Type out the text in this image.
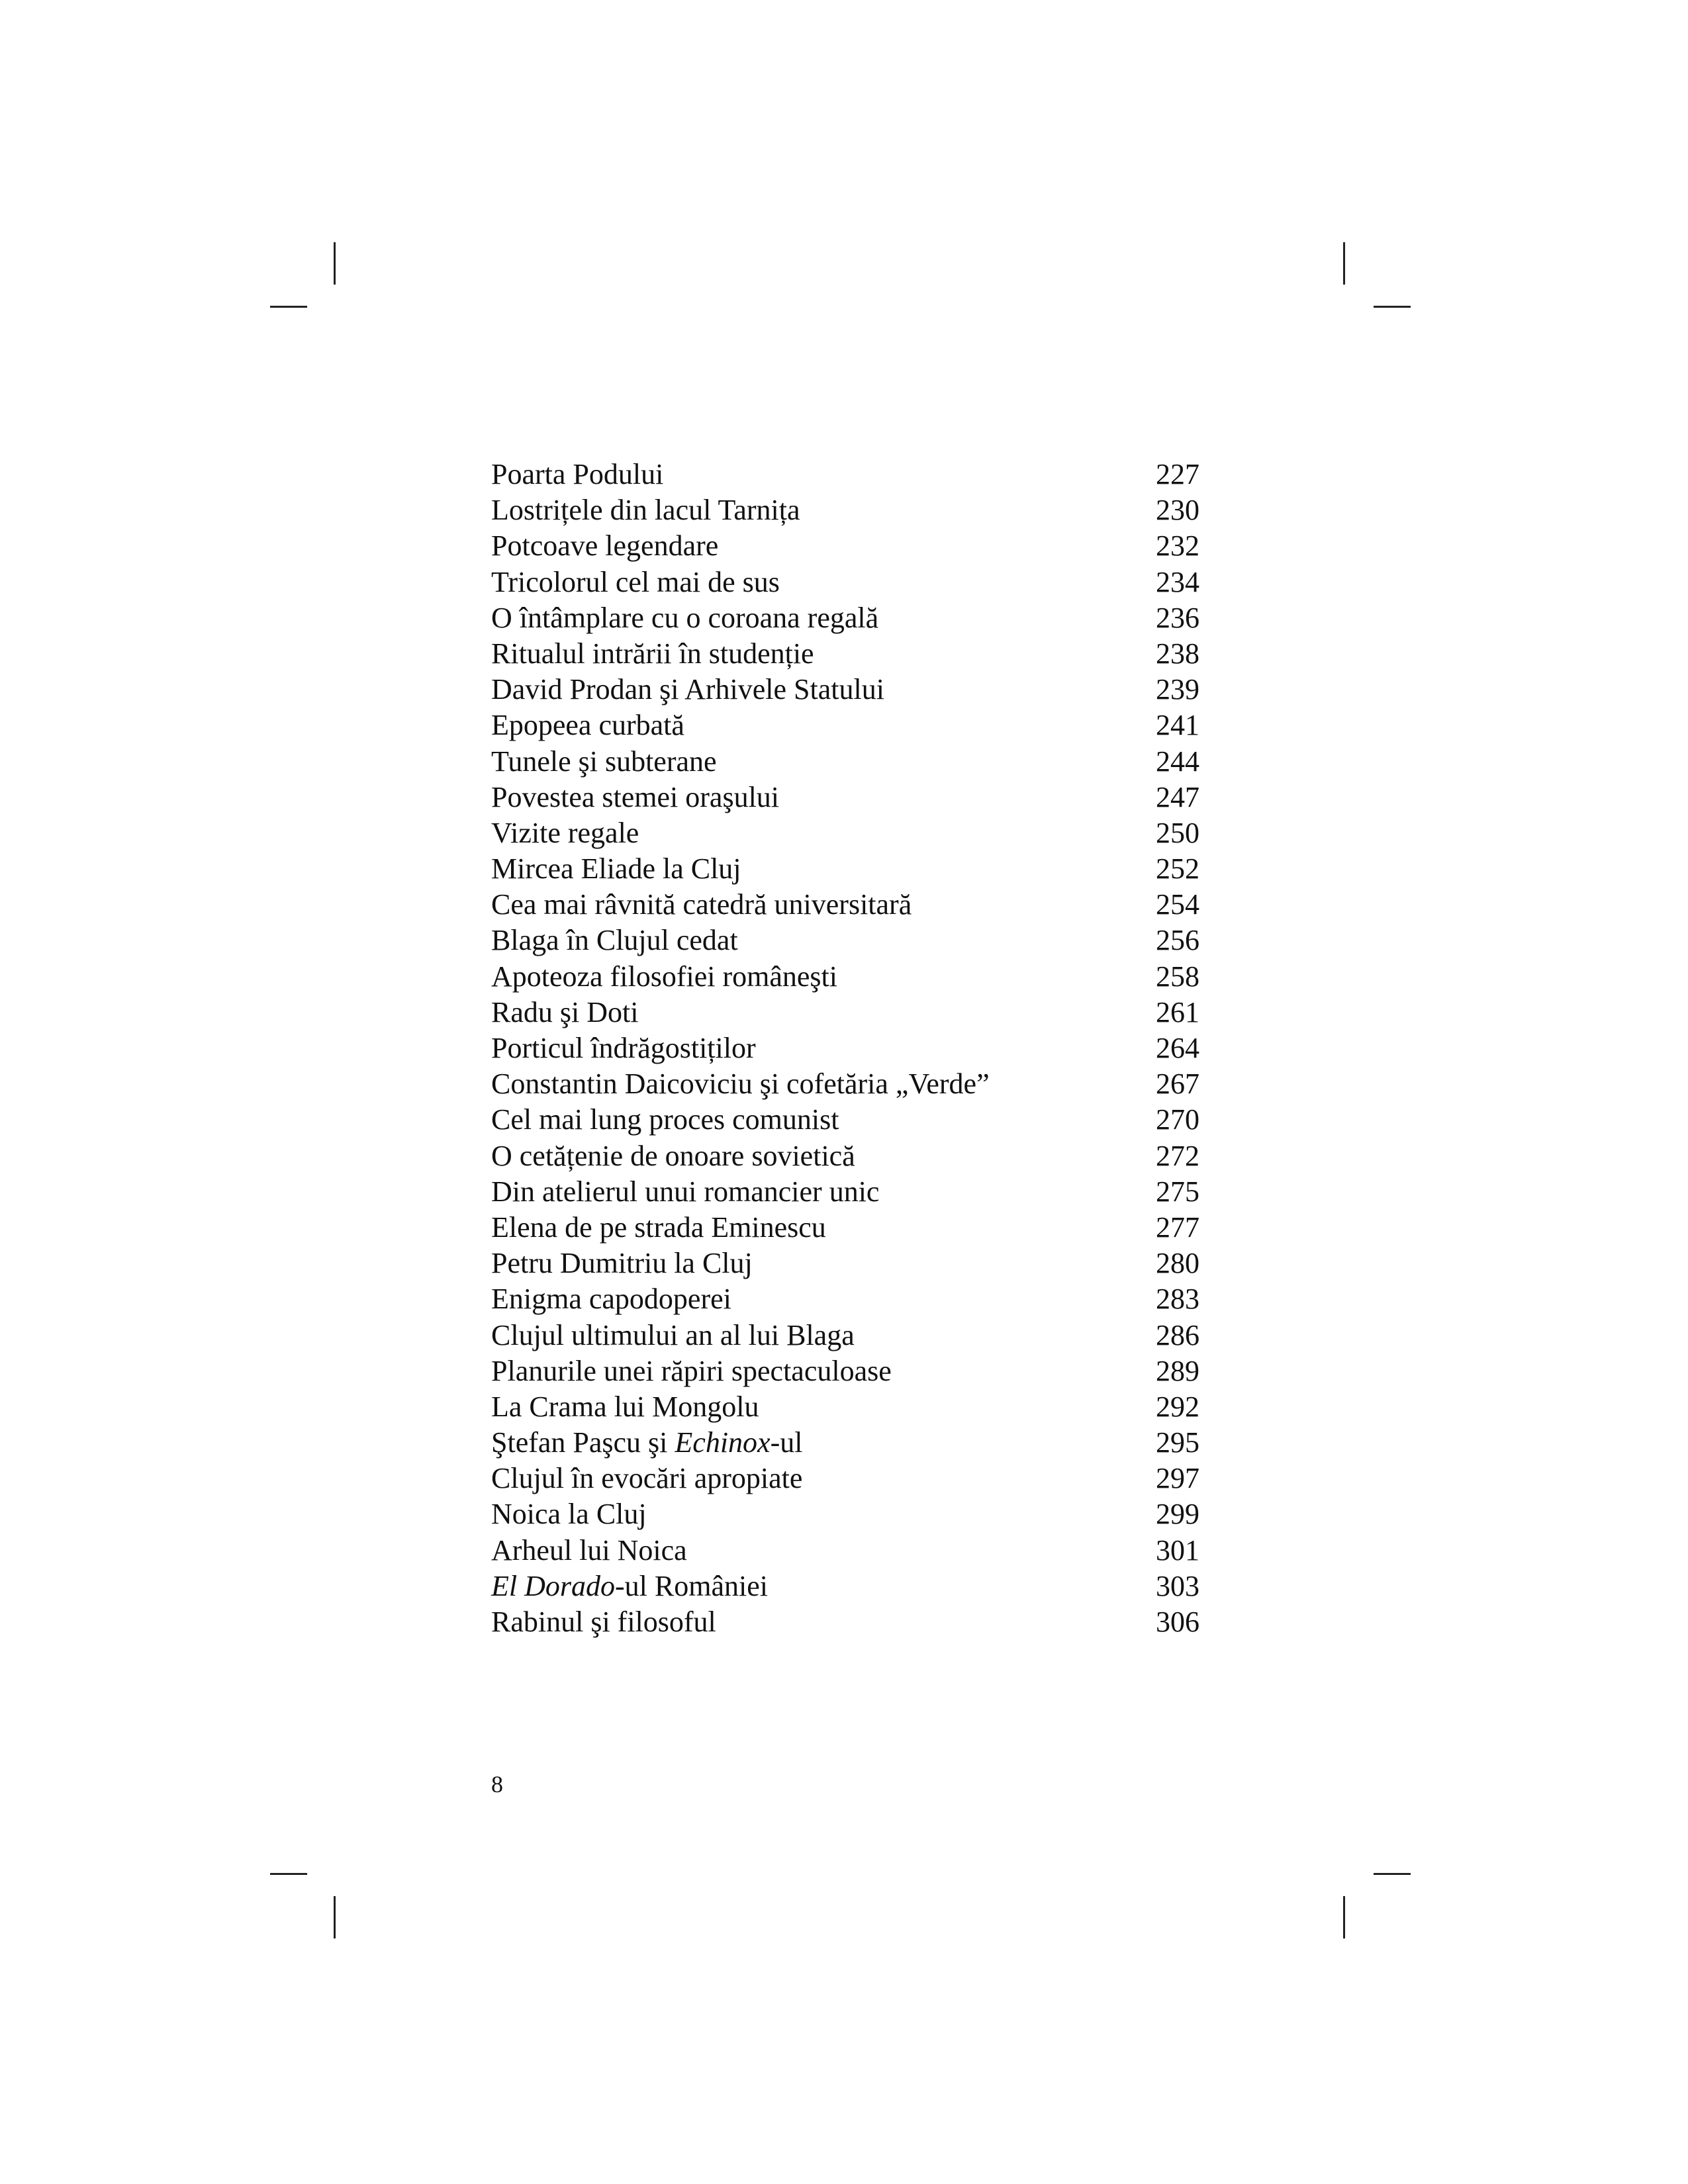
Poarta Podului	227
Lostrițele din lacul Tarnița	230
Potcoave legendare	232
Tricolorul cel mai de sus	234
O întâmplare cu o coroana regală	236
Ritualul intrării în studenție	238
David Prodan şi Arhivele Statului	239
Epopeea curbată	241
Tunele şi subterane	244
Povestea stemei oraşului	247
Vizite regale	250
Mircea Eliade la Cluj	252
Cea mai râvnită catedră universitară	254
Blaga în Clujul cedat	256
Apoteoza filosofiei româneşti	258
Radu şi Doti	261
Porticul îndrăgostiților	264
Constantin Daicoviciu şi cofetăria „Verde”	267
Cel mai lung proces comunist	270
O cetățenie de onoare sovietică	272
Din atelierul unui romancier unic	275
Elena de pe strada Eminescu	277
Petru Dumitriu la Cluj	280
Enigma capodoperei	283
Clujul ultimului an al lui Blaga	286
Planurile unei răpiri spectaculoase	289
La Crama lui Mongolu	292
Ştefan Paşcu şi Echinox-ul	295
Clujul în evocări apropiate	297
Noica la Cluj	299
Arheul lui Noica	301
El Dorado-ul României	303
Rabinul şi filosoful	306
8
